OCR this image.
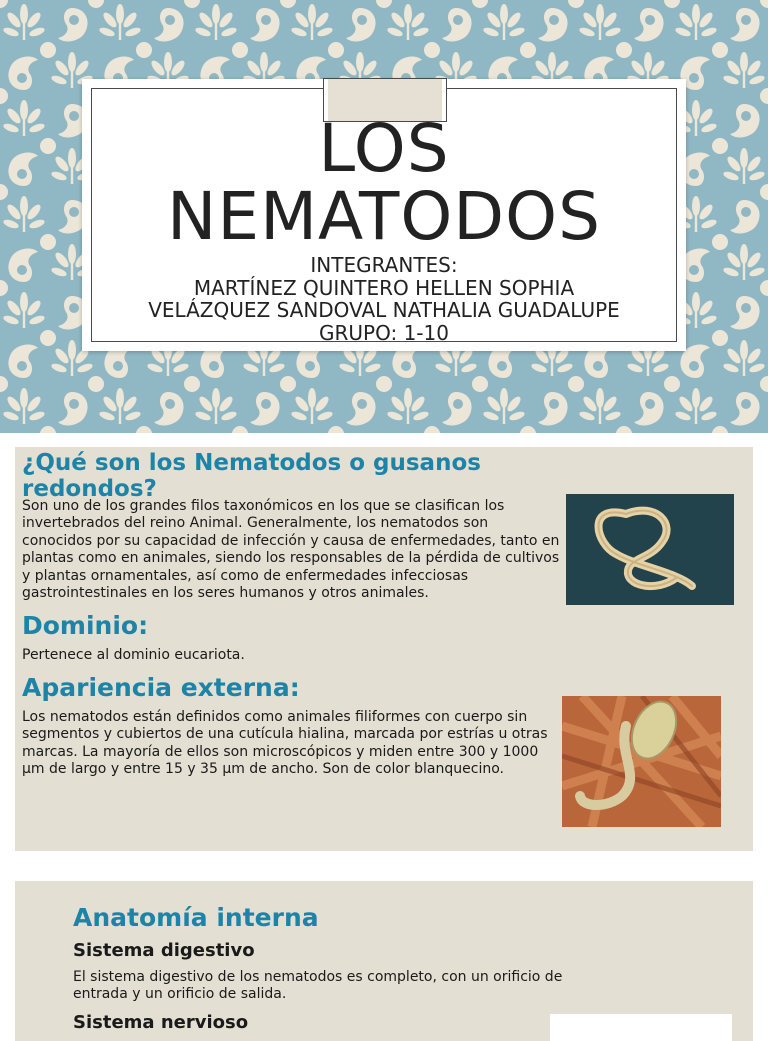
LOS
NEMATODOS
INTEGRANTES:
MARTÍNEZ QUINTERO HELLEN SOPHIA
VELÁZQUEZ SANDOVAL NATHALIA GUADALUPE
GRUPO: 1-10
¿Qué son los Nematodos o gusanos redondos?

Son uno de los grandes filos taxonómicos en los que se clasifican los invertebrados del reino Animal. Generalmente, los nematodos son conocidos por su capacidad de infección y causa de enfermedades, tanto en plantas como en animales, siendo los responsables de la pérdida de cultivos y plantas ornamentales, así como de enfermedades infecciosas gastrointestinales en los seres humanos y otros animales.

Dominio:

Pertenece al dominio eucariota.

Apariencia externa:

Los nematodos están definidos como animales filiformes con cuerpo sin segmentos y cubiertos de una cutícula hialina, marcada por estrías u otras marcas. La mayoría de ellos son microscópicos y miden entre 300 y 1000 µm de largo y entre 15 y 35 µm de ancho. Son de color blanquecino.

Anatomía interna
Sistema digestivo

El sistema digestivo de los nematodos es completo, con un orificio de entrada y un orificio de salida.

Sistema nervioso
